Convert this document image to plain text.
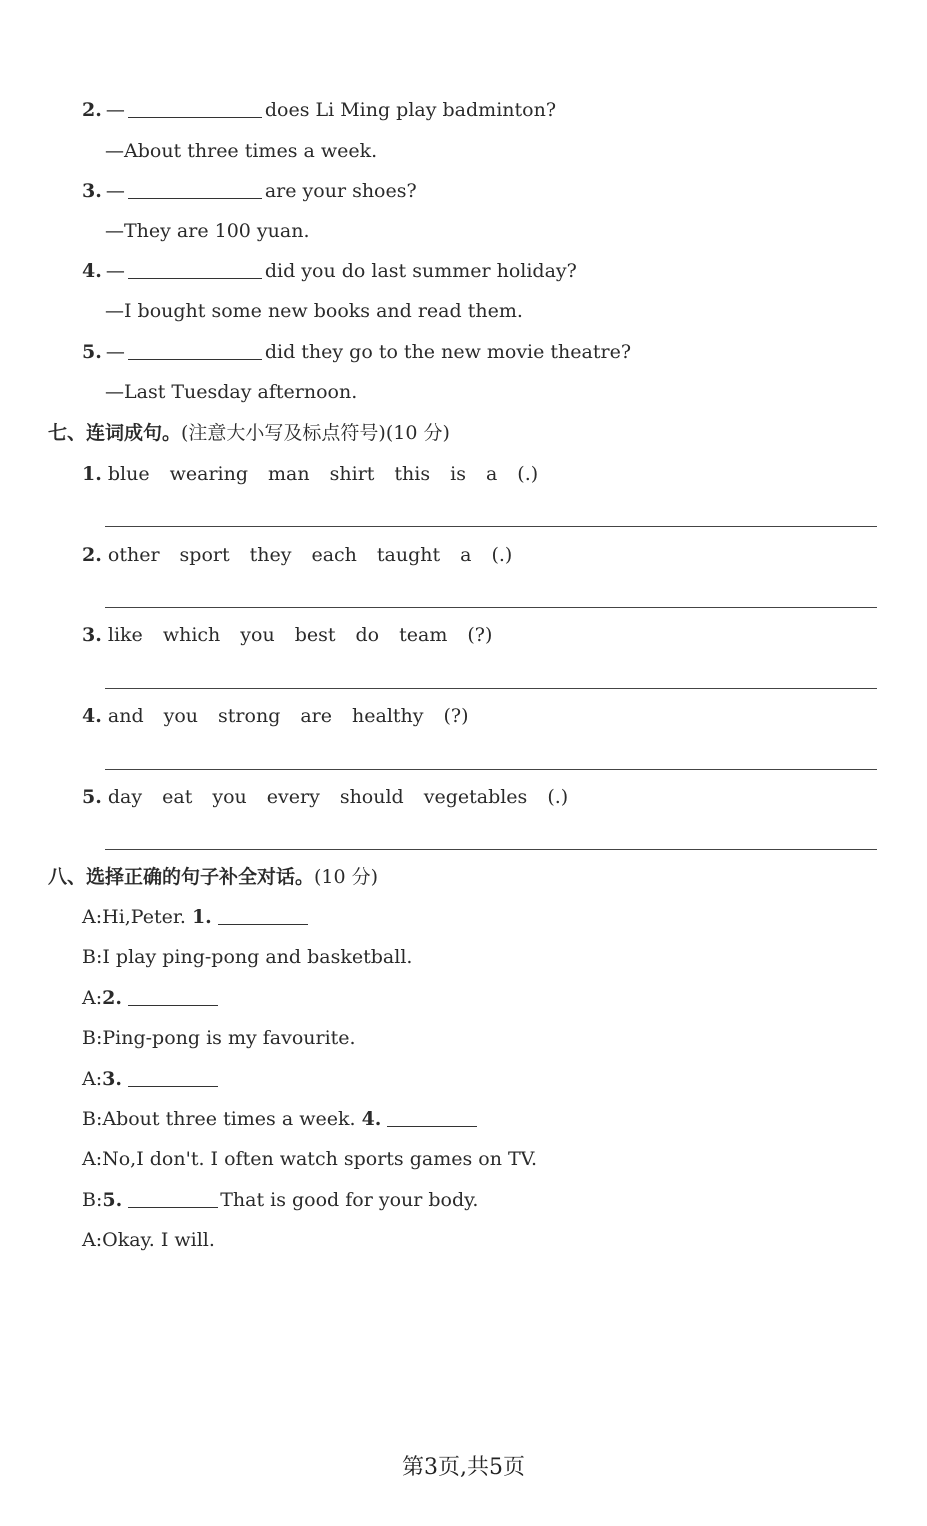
2. —	does Li Ming play badminton?
—About three times a week.
3. —	are your shoes?
—They are 100 yuan.
4. —	did you do last summer holiday?
—I bought some new books and read them.
5. —	did they go to the new movie theatre?
—Last Tuesday afternoon.
七、连词成句。(注意大小写及标点符号)(10 分)
1. blue wearing man shirt this is a (.)
2. other sport they each taught a (.)
3. like which you best do team (?)
4. and you strong are healthy (?)
5. day eat you every should vegetables (.)
八、选择正确的句子补全对话。(10 分)
A:Hi,Peter. 1.
B:I play ping-pong and basketball.
A:2.
B:Ping-pong is my favourite.
A:3.
B:About three times a week. 4.
A:No,I don't. I often watch sports games on TV.
B:5.	That is good for your body.
A:Okay. I will.
第3页,共5页
